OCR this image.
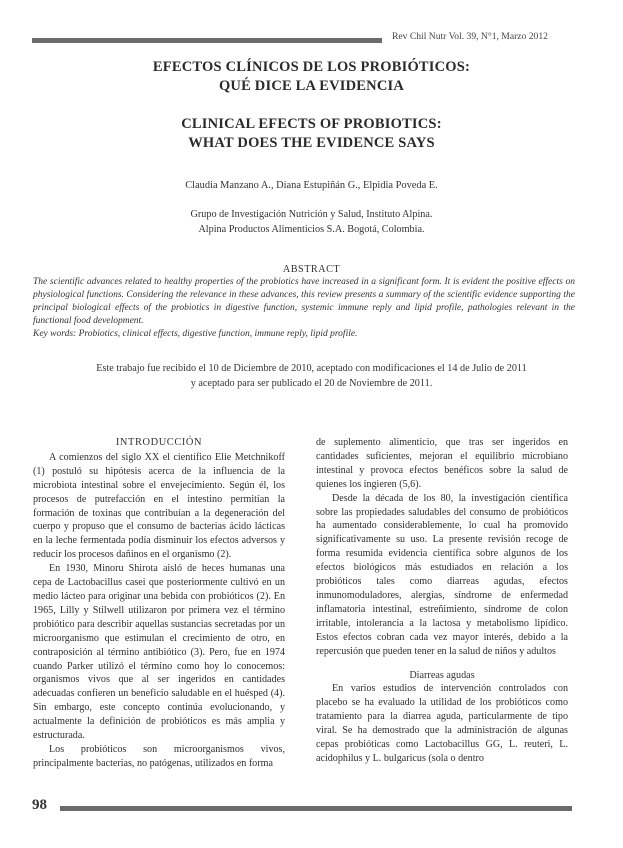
Rev Chil Nutr Vol. 39, N°1, Marzo 2012
EFECTOS CLÍNICOS DE LOS PROBIÓTICOS:
QUÉ DICE LA EVIDENCIA
CLINICAL EFECTS OF PROBIOTICS:
WHAT DOES THE EVIDENCE SAYS
Claudia Manzano A., Diana Estupiñán G., Elpidia Poveda E.
Grupo de Investigación Nutrición y Salud, Instituto Alpina.
Alpina Productos Alimenticios S.A. Bogotá, Colombia.
ABSTRACT
The scientific advances related to healthy properties of the probiotics have increased in a significant form. It is evident the positive effects on physiological functions. Considering the relevance in these advances, this review presents a summary of the scientific evidence supporting the principal biological effects of the probiotics in digestive function, systemic immune reply and lipid profile, pathologies relevant in the functional food development.
Key words: Probiotics, clinical effects, digestive function, immune reply, lipid profile.
Este trabajo fue recibido el 10 de Diciembre de 2010, aceptado con modificaciones el 14 de Julio de 2011
y aceptado para ser publicado el 20 de Noviembre de 2011.
INTRODUCCIÓN

A comienzos del siglo XX el científico Elie Metchnikoff (1) postuló su hipótesis acerca de la influencia de la microbiota intestinal sobre el envejecimiento. Según él, los procesos de putrefacción en el intestino permitían la formación de toxinas que contribuían a la degeneración del cuerpo y propuso que el consumo de bacterias ácido lácticas en la leche fermentada podía disminuir los efectos adversos y reducir los procesos dañinos en el organismo (2).

En 1930, Minoru Shirota aisló de heces humanas una cepa de Lactobacillus casei que posteriormente cultivó en un medio lácteo para originar una bebida con probióticos (2). En 1965, Lilly y Stilwell utilizaron por primera vez el término probiótico para describir aquellas sustancias secretadas por un microorganismo que estimulan el crecimiento de otro, en contraposición al término antibiótico (3). Pero, fue en 1974 cuando Parker utilizó el término como hoy lo conocemos: organismos vivos que al ser ingeridos en cantidades adecuadas confieren un beneficio saludable en el huésped (4). Sin embargo, este concepto continúa evolucionando, y actualmente la definición de probióticos es más amplia y estructurada.

Los probióticos son microorganismos vivos, principalmente bacterias, no patógenas, utilizados en forma

de suplemento alimenticio, que tras ser ingeridos en cantidades suficientes, mejoran el equilibrio microbiano intestinal y provoca efectos benéficos sobre la salud de quienes los ingieren (5,6).

Desde la década de los 80, la investigación científica sobre las propiedades saludables del consumo de probióticos ha aumentado considerablemente, lo cual ha promovido significativamente su uso. La presente revisión recoge de forma resumida evidencia científica sobre algunos de los efectos biológicos más estudiados en relación a los probióticos tales como diarreas agudas, efectos inmunomoduladores, alergias, síndrome de enfermedad inflamatoria intestinal, estreñimiento, síndrome de colon irritable, intolerancia a la lactosa y metabolismo lipídico. Estos efectos cobran cada vez mayor interés, debido a la repercusión que pueden tener en la salud de niños y adultos

Diarreas agudas

En varios estudios de intervención controlados con placebo se ha evaluado la utilidad de los probióticos como tratamiento para la diarrea aguda, particularmente de tipo viral. Se ha demostrado que la administración de algunas cepas probióticas como Lactobacillus GG, L. reuteri, L. acidophilus y L. bulgaricus (sola o dentro

98
